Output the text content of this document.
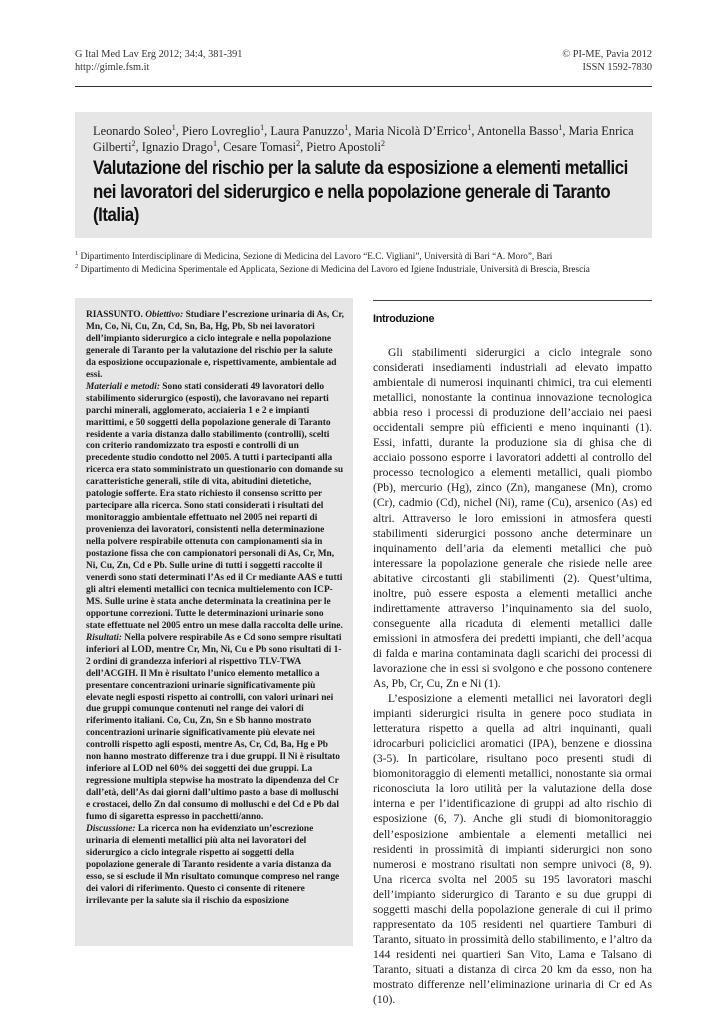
G Ital Med Lav Erg 2012; 34:4, 381-391
http://gimle.fsm.it
© PI-ME, Pavia 2012
ISSN 1592-7830
Leonardo Soleo$^1$, Piero Lovreglio$^1$, Laura Panuzzo$^1$, Maria Nicolà D’Errico$^1$, Antonella Basso$^1$, Maria Enrica Gilberti$^2$, Ignazio Drago$^1$, Cesare Tomasi$^2$, Pietro Apostoli$^2$
Valutazione del rischio per la salute da esposizione a elementi metallici nei lavoratori del siderurgico e nella popolazione generale di Taranto (Italia)
$^1$ Dipartimento Interdisciplinare di Medicina, Sezione di Medicina del Lavoro “E.C. Vigliani”, Università di Bari “A. Moro”, Bari
$^2$ Dipartimento di Medicina Sperimentale ed Applicata, Sezione di Medicina del Lavoro ed Igiene Industriale, Università di Brescia, Brescia

RIASSUNTO. Obiettivo: Studiare l’escrezione urinaria di As, Cr, Mn, Co, Ni, Cu, Zn, Cd, Sn, Ba, Hg, Pb, Sb nei lavoratori dell’impianto siderurgico a ciclo integrale e nella popolazione generale di Taranto per la valutazione del rischio per la salute da esposizione occupazionale e, rispettivamente, ambientale ad essi.

Materiali e metodi: Sono stati considerati 49 lavoratori dello stabilimento siderurgico (esposti), che lavoravano nei reparti parchi minerali, agglomerato, acciaieria 1 e 2 e impianti marittimi, e 50 soggetti della popolazione generale di Taranto residente a varia distanza dallo stabilimento (controlli), scelti con criterio randomizzato tra esposti e controlli di un precedente studio condotto nel 2005. A tutti i partecipanti alla ricerca era stato somministrato un questionario con domande su caratteristiche generali, stile di vita, abitudini dietetiche, patologie sofferte. Era stato richiesto il consenso scritto per partecipare alla ricerca. Sono stati considerati i risultati del monitoraggio ambientale effettuato nel 2005 nei reparti di provenienza dei lavoratori, consistenti nella determinazione nella polvere respirabile ottenuta con campionamenti sia in postazione fissa che con campionatori personali di As, Cr, Mn, Ni, Cu, Zn, Cd e Pb. Sulle urine di tutti i soggetti raccolte il venerdì sono stati determinati l’As ed il Cr mediante AAS e tutti gli altri elementi metallici con tecnica multielemento con ICP-MS. Sulle urine è stata anche determinata la creatinina per le opportune correzioni. Tutte le determinazioni urinarie sono state effettuate nel 2005 entro un mese dalla raccolta delle urine.

Risultati: Nella polvere respirabile As e Cd sono sempre risultati inferiori al LOD, mentre Cr, Mn, Ni, Cu e Pb sono risultati di 1-2 ordini di grandezza inferiori al rispettivo TLV-TWA dell’ACGIH. Il Mn è risultato l’unico elemento metallico a presentare concentrazioni urinarie significativamente più elevate negli esposti rispetto ai controlli, con valori urinari nei due gruppi comunque contenuti nel range dei valori di riferimento italiani. Co, Cu, Zn, Sn e Sb hanno mostrato concentrazioni urinarie significativamente più elevate nei controlli rispetto agli esposti, mentre As, Cr, Cd, Ba, Hg e Pb non hanno mostrato differenze tra i due gruppi. Il Ni è risultato inferiore al LOD nel 60% dei soggetti dei due gruppi. La regressione multipla stepwise ha mostrato la dipendenza del Cr dall’età, dell’As dai giorni dall’ultimo pasto a base di molluschi e crostacei, dello Zn dal consumo di molluschi e del Cd e Pb dal fumo di sigaretta espresso in pacchetti/anno.

Discussione: La ricerca non ha evidenziato un’escrezione urinaria di elementi metallici più alta nei lavoratori del siderurgico a ciclo integrale rispetto ai soggetti della popolazione generale di Taranto residente a varia distanza da esso, se si esclude il Mn risultato comunque compreso nel range dei valori di riferimento. Questo ci consente di ritenere irrilevante per la salute sia il rischio da esposizione

Introduzione

Gli stabilimenti siderurgici a ciclo integrale sono considerati insediamenti industriali ad elevato impatto ambientale di numerosi inquinanti chimici, tra cui elementi metallici, nonostante la continua innovazione tecnologica abbia reso i processi di produzione dell’acciaio nei paesi occidentali sempre più efficienti e meno inquinanti (1). Essi, infatti, durante la produzione sia di ghisa che di acciaio possono esporre i lavoratori addetti al controllo del processo tecnologico a elementi metallici, quali piombo (Pb), mercurio (Hg), zinco (Zn), manganese (Mn), cromo (Cr), cadmio (Cd), nichel (Ni), rame (Cu), arsenico (As) ed altri. Attraverso le loro emissioni in atmosfera questi stabilimenti siderurgici possono anche determinare un inquinamento dell’aria da elementi metallici che può interessare la popolazione generale che risiede nelle aree abitative circostanti gli stabilimenti (2). Quest’ultima, inoltre, può essere esposta a elementi metallici anche indirettamente attraverso l’inquinamento sia del suolo, conseguente alla ricaduta di elementi metallici dalle emissioni in atmosfera dei predetti impianti, che dell’acqua di falda e marina contaminata dagli scarichi dei processi di lavorazione che in essi si svolgono e che possono contenere As, Pb, Cr, Cu, Zn e Ni (1).

L’esposizione a elementi metallici nei lavoratori degli impianti siderurgici risulta in genere poco studiata in letteratura rispetto a quella ad altri inquinanti, quali idrocarburi policiclici aromatici (IPA), benzene e diossina (3-5). In particolare, risultano poco presenti studi di biomonitoraggio di elementi metallici, nonostante sia ormai riconosciuta la loro utilità per la valutazione della dose interna e per l’identificazione di gruppi ad alto rischio di esposizione (6, 7). Anche gli studi di biomonitoraggio dell’esposizione ambientale a elementi metallici nei residenti in prossimità di impianti siderurgici non sono numerosi e mostrano risultati non sempre univoci (8, 9). Una ricerca svolta nel 2005 su 195 lavoratori maschi dell’impianto siderurgico di Taranto e su due gruppi di soggetti maschi della popolazione generale di cui il primo rappresentato da 105 residenti nel quartiere Tamburi di Taranto, situato in prossimità dello stabilimento, e l’altro da 144 residenti nei quartieri San Vito, Lama e Talsano di Taranto, situati a distanza di circa 20 km da esso, non ha mostrato differenze nell’eliminazione urinaria di Cr ed As (10).
